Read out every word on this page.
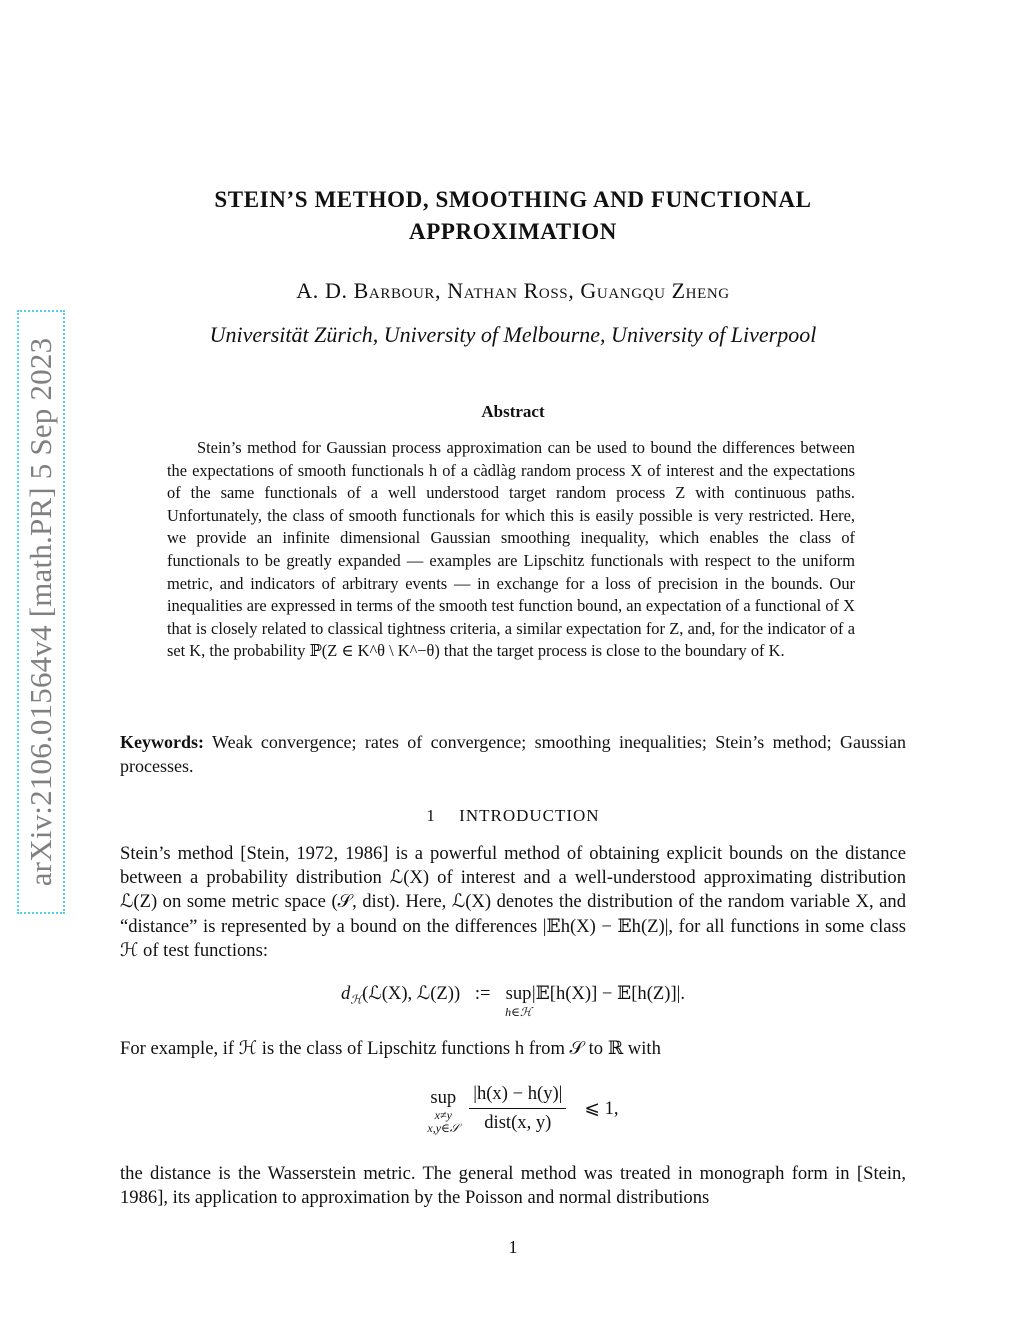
arXiv:2106.01564v4 [math.PR] 5 Sep 2023
STEIN’S METHOD, SMOOTHING AND FUNCTIONAL
APPROXIMATION
A. D. Barbour, Nathan Ross, Guangqu Zheng
Universität Zürich, University of Melbourne, University of Liverpool
Abstract
Stein’s method for Gaussian process approximation can be used to bound the differences between the expectations of smooth functionals h of a càdlàg random process X of interest and the expectations of the same functionals of a well understood target random process Z with continuous paths. Unfortunately, the class of smooth functionals for which this is easily possible is very restricted. Here, we provide an infinite dimensional Gaussian smoothing inequality, which enables the class of functionals to be greatly expanded — examples are Lipschitz functionals with respect to the uniform metric, and indicators of arbitrary events — in exchange for a loss of precision in the bounds. Our inequalities are expressed in terms of the smooth test function bound, an expectation of a functional of X that is closely related to classical tightness criteria, a similar expectation for Z, and, for the indicator of a set K, the probability ℙ(Z ∈ K^θ \ K^−θ) that the target process is close to the boundary of K.
Keywords: Weak convergence; rates of convergence; smoothing inequalities; Stein’s method; Gaussian processes.
1 INTRODUCTION
Stein’s method [Stein, 1972, 1986] is a powerful method of obtaining explicit bounds on the distance between a probability distribution ℒ(X) of interest and a well-understood approximating distribution ℒ(Z) on some metric space (𝒮, dist). Here, ℒ(X) denotes the distribution of the random variable X, and “distance” is represented by a bound on the differences |𝔼h(X) − 𝔼h(Z)|, for all functions in some class ℋ of test functions:
$d_ℋ(ℒ(X)$, ℒ(Z)) := sup
h∈ℋ
|𝔼[h(X)] − 𝔼[h(Z)]|.
For example, if ℋ is the class of Lipschitz functions h from 𝒮 to ℝ with
sup
x≠y
x,y∈𝒮 $\frac{|h(x) - h(y)|}{\text{dist(x, y)}}$ ⩽ 1,
the distance is the Wasserstein metric. The general method was treated in monograph form in [Stein, 1986], its application to approximation by the Poisson and normal distributions
1
